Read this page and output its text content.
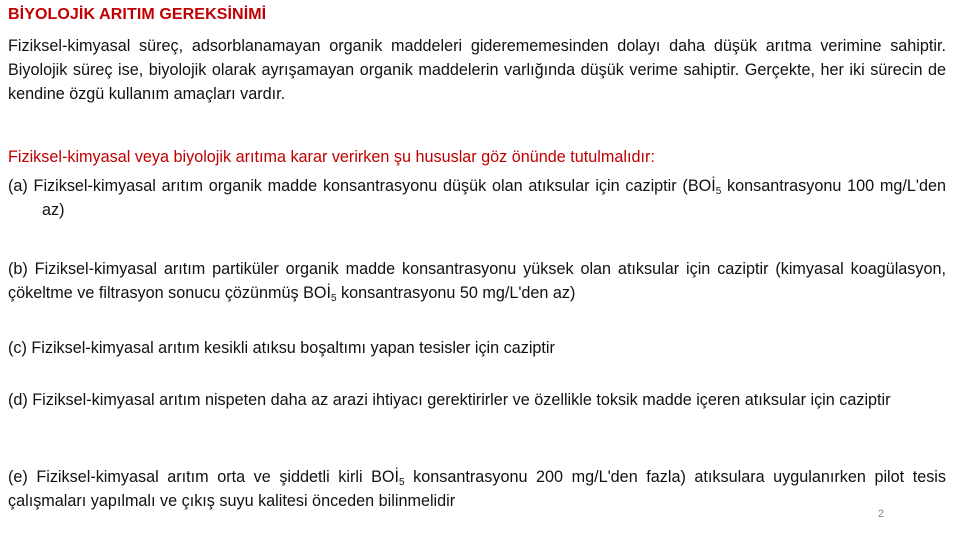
BİYOLOJİK ARITIM GEREKSİNİMİ
Fiziksel-kimyasal süreç, adsorblanamayan organik maddeleri giderememesinden dolayı daha düşük arıtma verimine sahiptir. Biyolojik süreç ise, biyolojik olarak ayrışamayan organik maddelerin varlığında düşük verime sahiptir. Gerçekte, her iki sürecin de kendine özgü kullanım amaçları vardır.
Fiziksel-kimyasal veya biyolojik arıtıma karar verirken şu hususlar göz önünde tutulmalıdır:
(a) Fiziksel-kimyasal arıtım organik madde konsantrasyonu düşük olan atıksular için caziptir ($BOİ_5$ konsantrasyonu 100 mg/L'den az)
(b) Fiziksel-kimyasal arıtım partiküler organik madde konsantrasyonu yüksek olan atıksular için caziptir (kimyasal koagülasyon, çökeltme ve filtrasyon sonucu çözünmüş $BOİ_5$ konsantrasyonu 50 mg/L'den az)
(c) Fiziksel-kimyasal arıtım kesikli atıksu boşaltımı yapan tesisler için caziptir
(d) Fiziksel-kimyasal arıtım nispeten daha az arazi ihtiyacı gerektirirler ve özellikle toksik madde içeren atıksular için caziptir
(e) Fiziksel-kimyasal arıtım orta ve şiddetli kirli $BOİ_5$ konsantrasyonu 200 mg/L'den fazla) atıksulara uygulanırken pilot tesis çalışmaları yapılmalı ve çıkış suyu kalitesi önceden bilinmelidir
2
